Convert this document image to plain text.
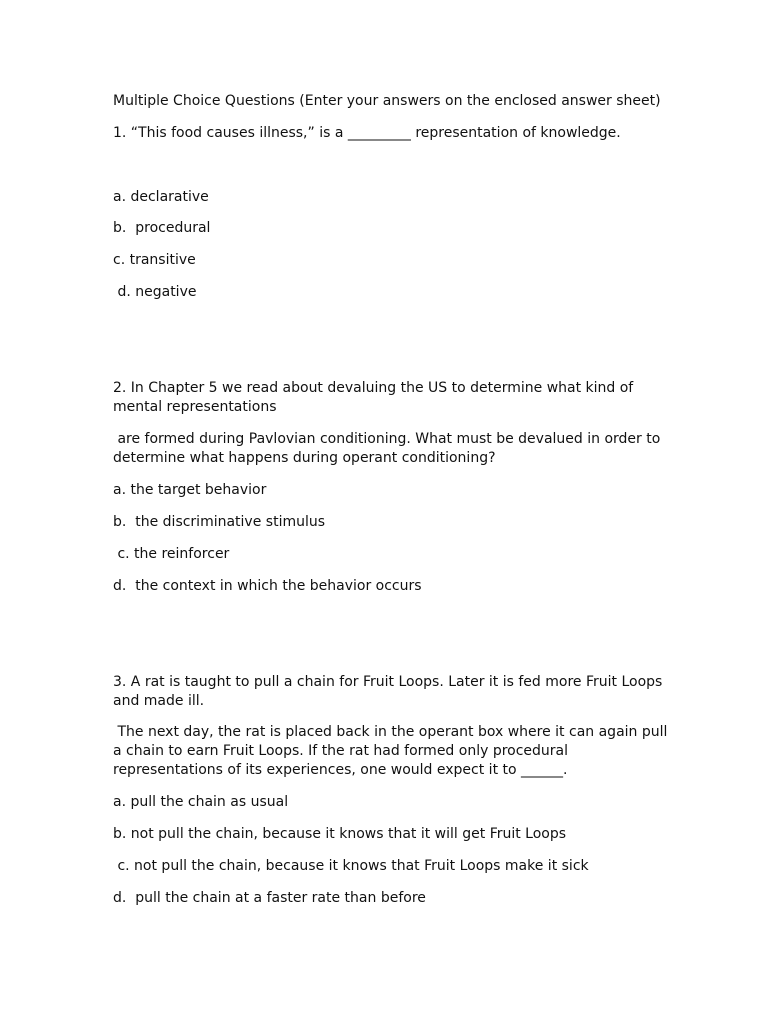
Multiple Choice Questions (Enter your answers on the enclosed answer sheet)

1. “This food causes illness,” is a _________ representation of knowledge.

a. declarative

b.  procedural

c. transitive

d. negative

2. In Chapter 5 we read about devaluing the US to determine what kind of mental representations

are formed during Pavlovian conditioning. What must be devalued in order to determine what happens during operant conditioning?

a. the target behavior

b.  the discriminative stimulus

c. the reinforcer

d.  the context in which the behavior occurs

3. A rat is taught to pull a chain for Fruit Loops. Later it is fed more Fruit Loops and made ill.

The next day, the rat is placed back in the operant box where it can again pull a chain to earn Fruit Loops. If the rat had formed only procedural representations of its experiences, one would expect it to ______.

a. pull the chain as usual

b. not pull the chain, because it knows that it will get Fruit Loops

c. not pull the chain, because it knows that Fruit Loops make it sick

d.  pull the chain at a faster rate than before
